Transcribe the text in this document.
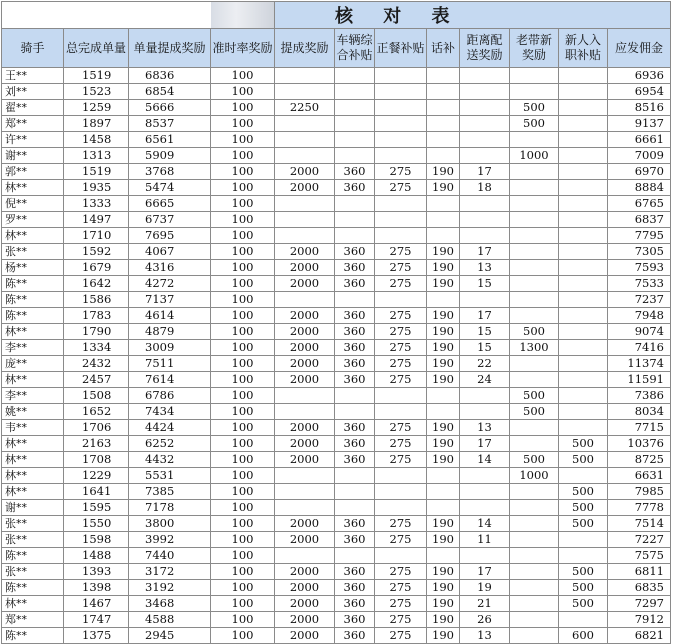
				核 对 表							
骑手	总完成单量	单量提成奖励	准时率奖励	提成奖励	车辆综合补贴	正餐补贴	话补	距离配送奖励	老带新奖励	新人入职补贴	应发佣金
王**	1519	6836	100								6936
刘**	1523	6854	100								6954
翟**	1259	5666	100	2250					500		8516
郑**	1897	8537	100						500		9137
许**	1458	6561	100								6661
谢**	1313	5909	100						1000		7009
郭**	1519	3768	100	2000	360	275	190	17			6970
林**	1935	5474	100	2000	360	275	190	18			8884
倪**	1333	6665	100								6765
罗**	1497	6737	100								6837
林**	1710	7695	100								7795
张**	1592	4067	100	2000	360	275	190	17			7305
杨**	1679	4316	100	2000	360	275	190	13			7593
陈**	1642	4272	100	2000	360	275	190	15			7533
陈**	1586	7137	100								7237
陈**	1783	4614	100	2000	360	275	190	17			7948
林**	1790	4879	100	2000	360	275	190	15	500		9074
李**	1334	3009	100	2000	360	275	190	15	1300		7416
庞**	2432	7511	100	2000	360	275	190	22			11374
林**	2457	7614	100	2000	360	275	190	24			11591
李**	1508	6786	100						500		7386
姚**	1652	7434	100						500		8034
韦**	1706	4424	100	2000	360	275	190	13			7715
林**	2163	6252	100	2000	360	275	190	17		500	10376
林**	1708	4432	100	2000	360	275	190	14	500	500	8725
林**	1229	5531	100						1000		6631
林**	1641	7385	100							500	7985
谢**	1595	7178	100							500	7778
张**	1550	3800	100	2000	360	275	190	14		500	7514
张**	1598	3992	100	2000	360	275	190	11			7227
陈**	1488	7440	100								7575
张**	1393	3172	100	2000	360	275	190	17		500	6811
陈**	1398	3192	100	2000	360	275	190	19		500	6835
林**	1467	3468	100	2000	360	275	190	21		500	7297
郑**	1747	4588	100	2000	360	275	190	26			7912
陈**	1375	2945	100	2000	360	275	190	13		600	6821
